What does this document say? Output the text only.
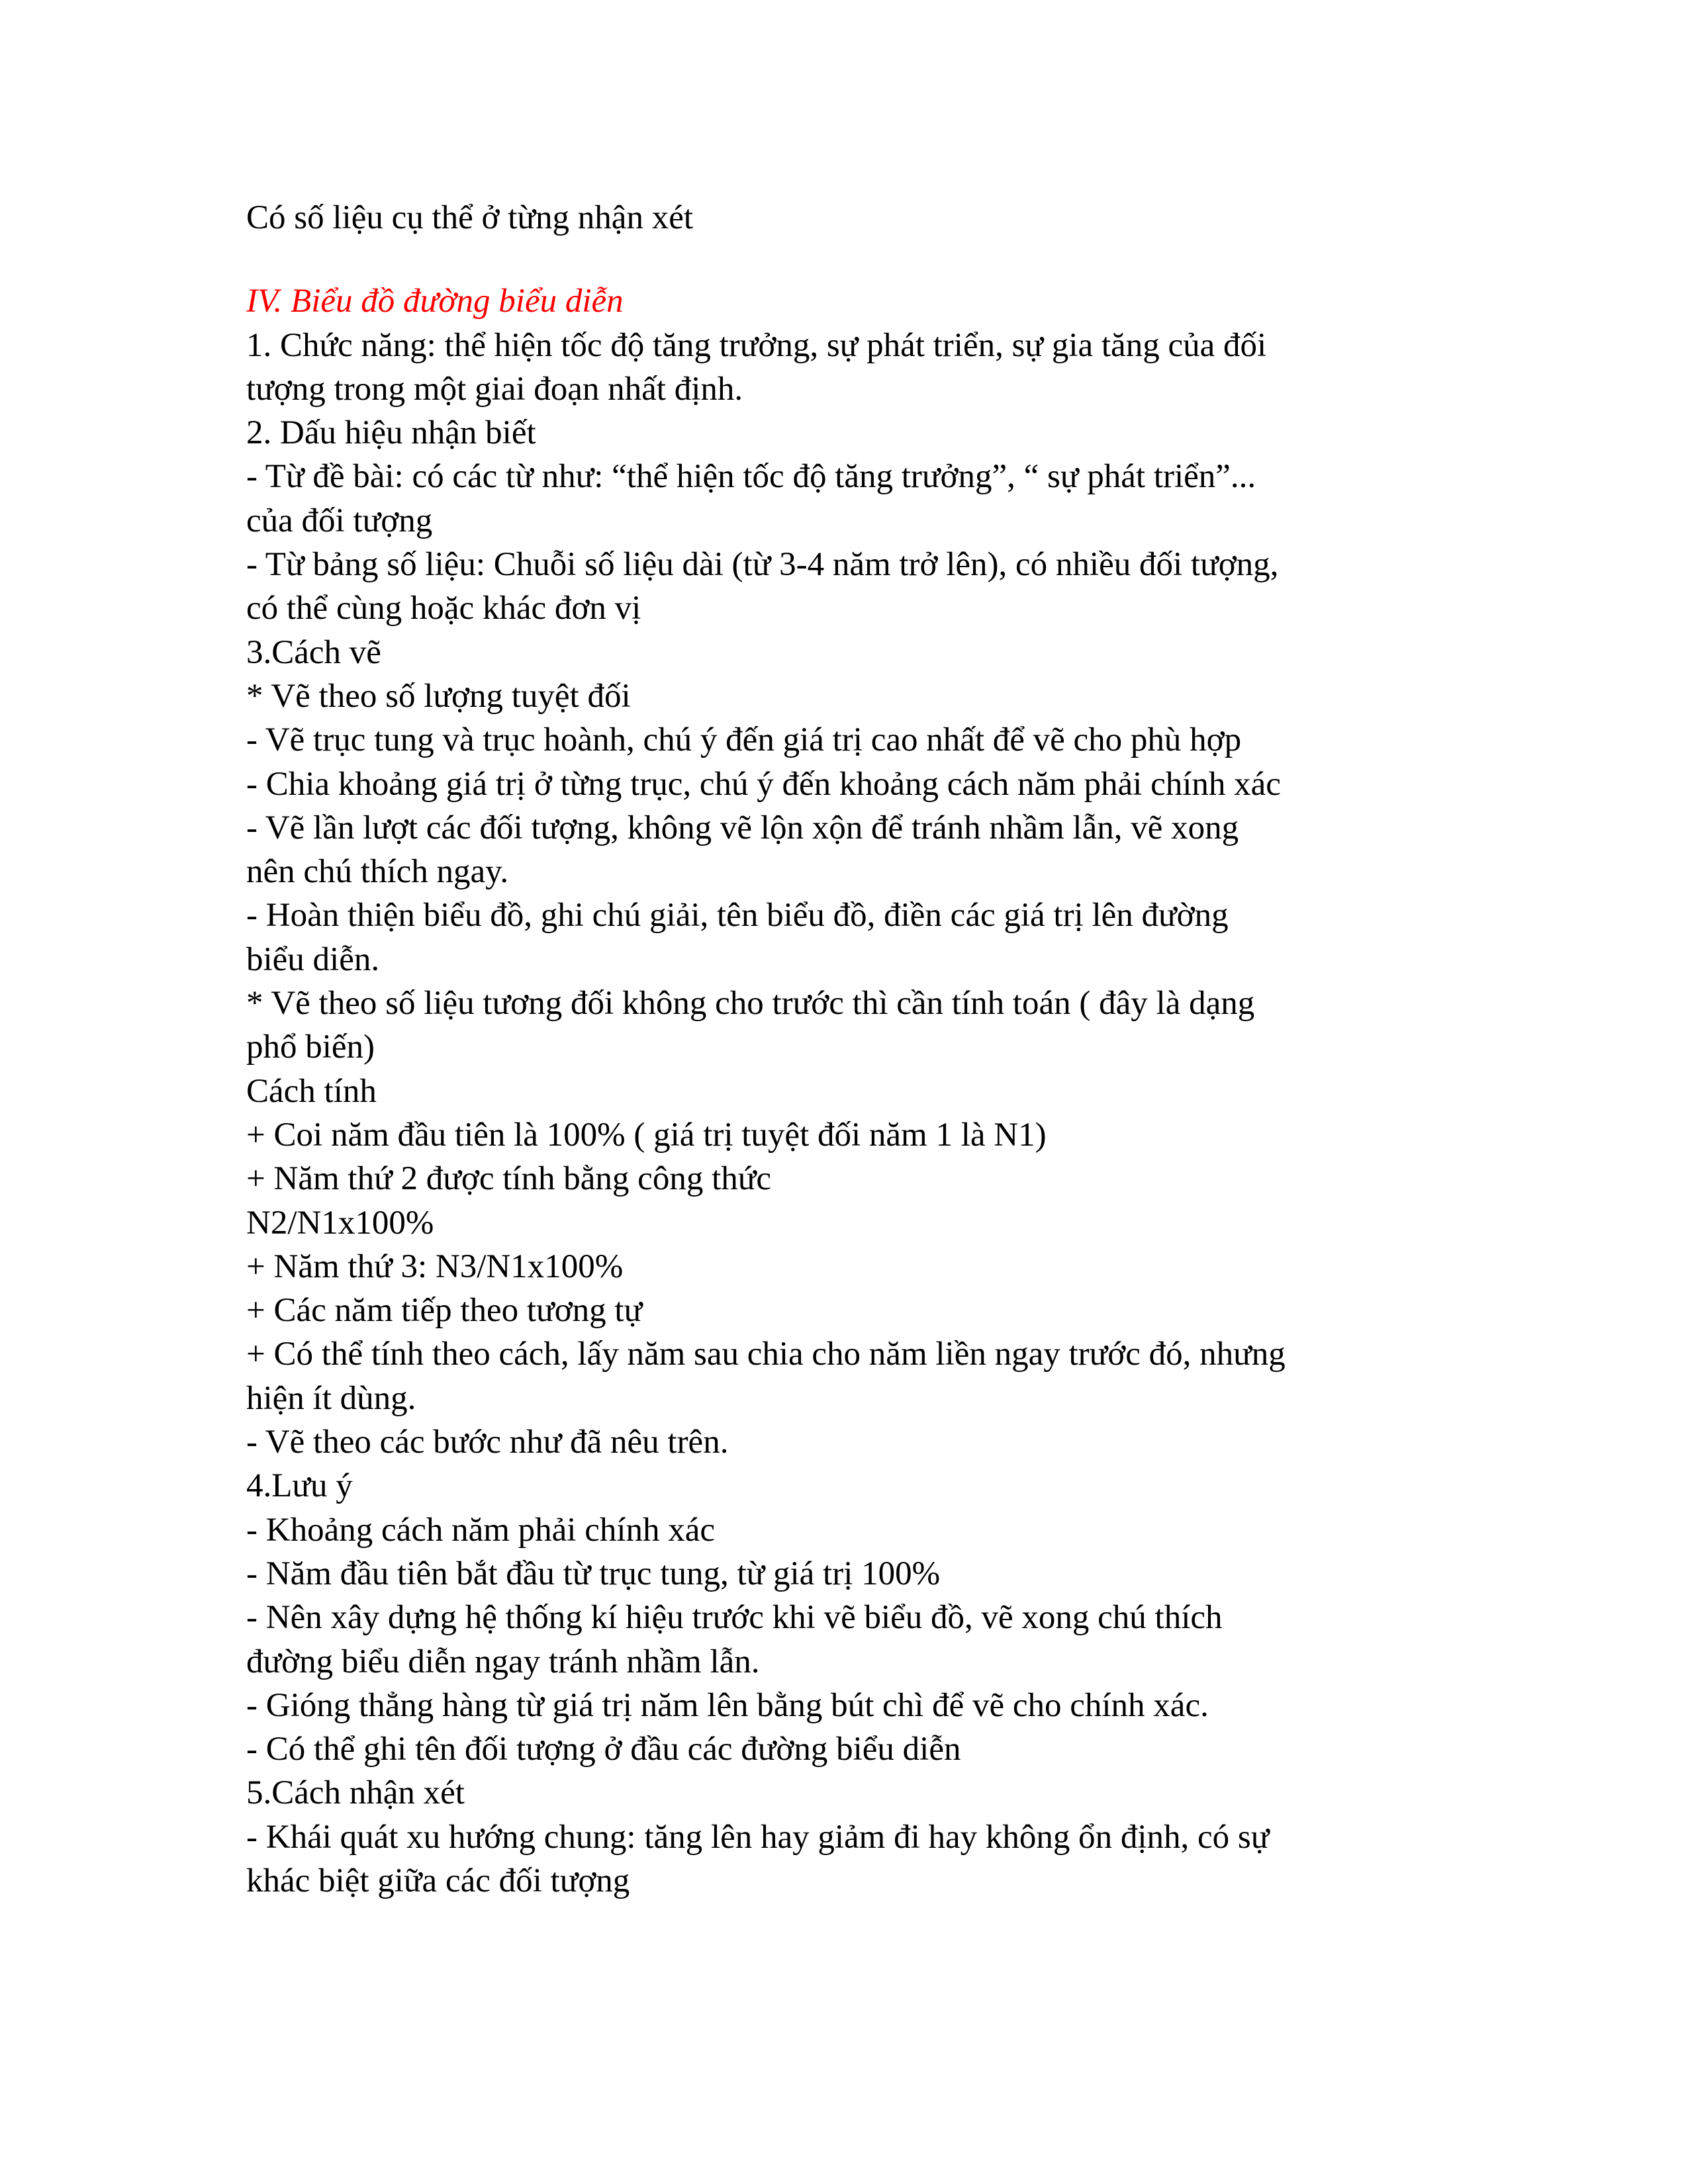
Có số liệu cụ thể ở từng nhận xét

IV. Biểu đồ đường biểu diễn

1. Chức năng: thể hiện tốc độ tăng trưởng, sự phát triển, sự gia tăng của đối

tượng trong một giai đoạn nhất định.

2. Dấu hiệu nhận biết

- Từ đề bài: có các từ như: “thể hiện tốc độ tăng trưởng”, “ sự phát triển”...

của đối tượng

- Từ bảng số liệu: Chuỗi số liệu dài (từ 3-4 năm trở lên), có nhiều đối tượng,

có thể cùng hoặc khác đơn vị

3.Cách vẽ

* Vẽ theo số lượng tuyệt đối

- Vẽ trục tung và trục hoành, chú ý đến giá trị cao nhất để vẽ cho phù hợp

- Chia khoảng giá trị ở từng trục, chú ý đến khoảng cách năm phải chính xác

- Vẽ lần lượt các đối tượng, không vẽ lộn xộn để tránh nhầm lẫn, vẽ xong

nên chú thích ngay.

- Hoàn thiện biểu đồ, ghi chú giải, tên biểu đồ, điền các giá trị lên đường

biểu diễn.

* Vẽ theo số liệu tương đối không cho trước thì cần tính toán ( đây là dạng

phổ biến)

Cách tính

+ Coi năm đầu tiên là 100% ( giá trị tuyệt đối năm 1 là N1)

+ Năm thứ 2 được tính bằng công thức

N2/N1x100%

+ Năm thứ 3: N3/N1x100%

+ Các năm tiếp theo tương tự

+ Có thể tính theo cách, lấy năm sau chia cho năm liền ngay trước đó, nhưng

hiện ít dùng.

- Vẽ theo các bước như đã nêu trên.

4.Lưu ý

- Khoảng cách năm phải chính xác

- Năm đầu tiên bắt đầu từ trục tung, từ giá trị 100%

- Nên xây dựng hệ thống kí hiệu trước khi vẽ biểu đồ, vẽ xong chú thích

đường biểu diễn ngay tránh nhầm lẫn.

- Gióng thẳng hàng từ giá trị năm lên bằng bút chì để vẽ cho chính xác.

- Có thể ghi tên đối tượng ở đầu các đường biểu diễn

5.Cách nhận xét

- Khái quát xu hướng chung: tăng lên hay giảm đi hay không ổn định, có sự

khác biệt giữa các đối tượng
